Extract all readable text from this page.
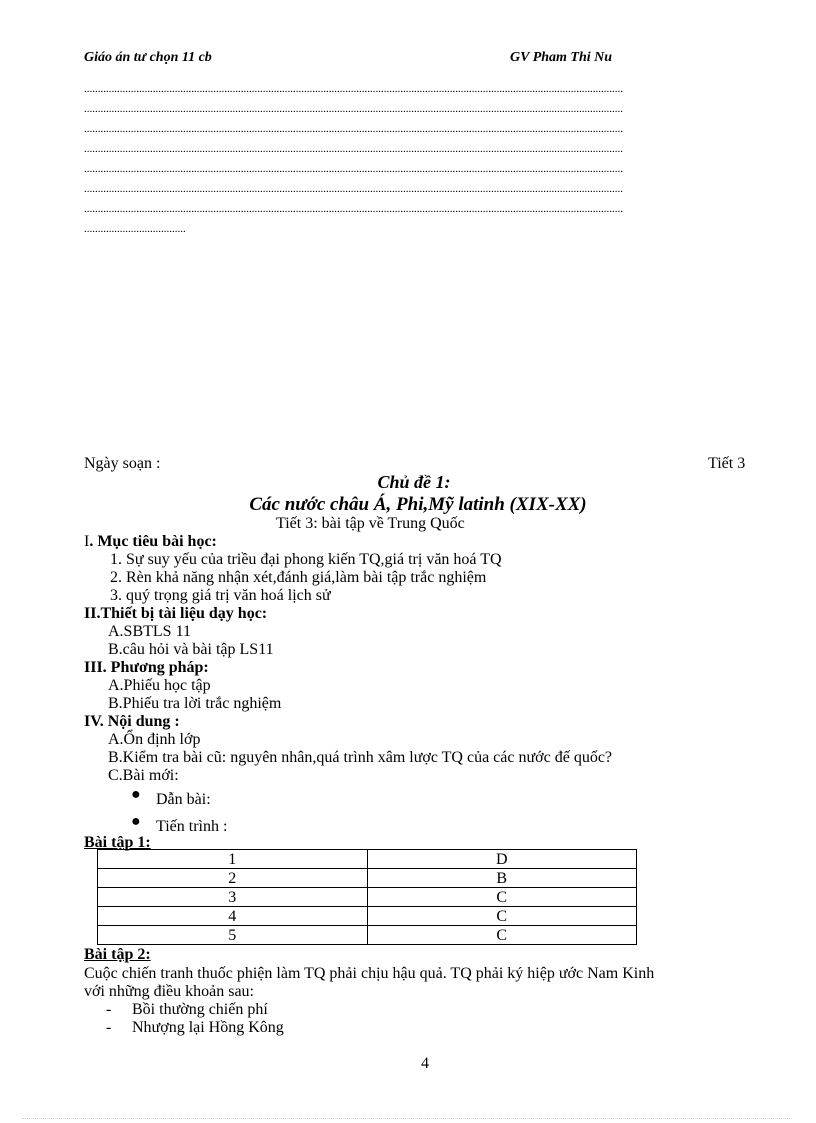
Giáo án tư chọn 11 cb	GV Pham Thi Nu
....................................................................................................................................................................................................
....................................................................................................................................................................................................
....................................................................................................................................................................................................
....................................................................................................................................................................................................
....................................................................................................................................................................................................
....................................................................................................................................................................................................
....................................................................................................................................................................................................
.....................................
Ngày soạn :	Tiết 3
Chủ đề 1:
Các nước châu Á, Phi,Mỹ latinh (XIX-XX)
Tiết 3: bài tập về Trung Quốc
I. Mục tiêu bài học:
1. Sự suy yếu của triều đại phong kiến TQ,giá trị văn hoá TQ
2. Rèn khả năng nhận xét,đánh giá,làm bài tập trắc nghiệm
3. quý trọng giá trị văn hoá lịch sử
II.Thiết bị tài liệu dạy học:
A.SBTLS 11
B.câu hỏi và bài tập LS11
III. Phương pháp:
A.Phiếu học tập
B.Phiếu tra lời trắc nghiệm
IV. Nội dung :
A.Ổn định lớp
B.Kiểm tra bài cũ: nguyên nhân,quá trình xâm lược TQ của các nước đế quốc?
C.Bài mới:
● Dẫn bài:
● Tiến trình :
Bài tập 1:
1	D
2	B
3	C
4	C
5	C
Bài tập 2:
Cuộc chiến tranh thuốc phiện làm TQ phải chịu hậu quả. TQ phải ký hiệp ước Nam Kinh
với những điều khoản sau:
- Bồi thường chiến phí
- Nhượng lại Hồng Kông
4
